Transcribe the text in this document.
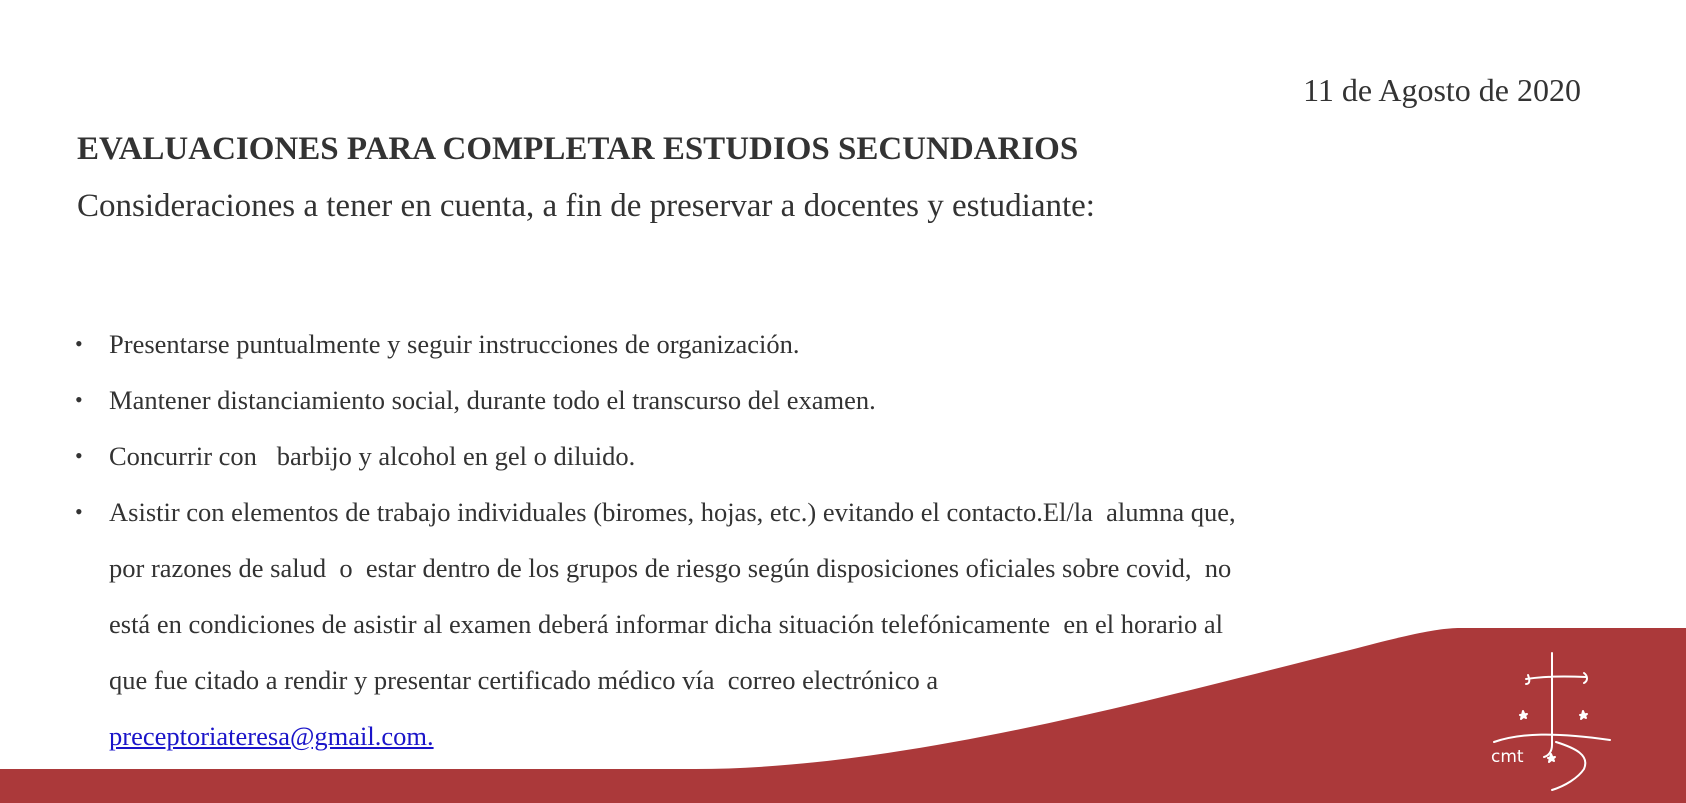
cmt
11 de Agosto de 2020
EVALUACIONES PARA COMPLETAR ESTUDIOS SECUNDARIOS
Consideraciones a tener en cuenta, a fin de preservar a docentes y estudiante:
• Presentarse puntualmente y seguir instrucciones de organización.
• Mantener distanciamiento social, durante todo el transcurso del examen.
• Concurrir con   barbijo y alcohol en gel o diluido.
• Asistir con elementos de trabajo individuales (biromes, hojas, etc.) evitando el contacto.El/la  alumna que,
por razones de salud  o  estar dentro de los grupos de riesgo según disposiciones oficiales sobre covid,  no
está en condiciones de asistir al examen deberá informar dicha situación telefónicamente  en el horario al
que fue citado a rendir y presentar certificado médico vía  correo electrónico a
preceptoriateresa@gmail.com.
